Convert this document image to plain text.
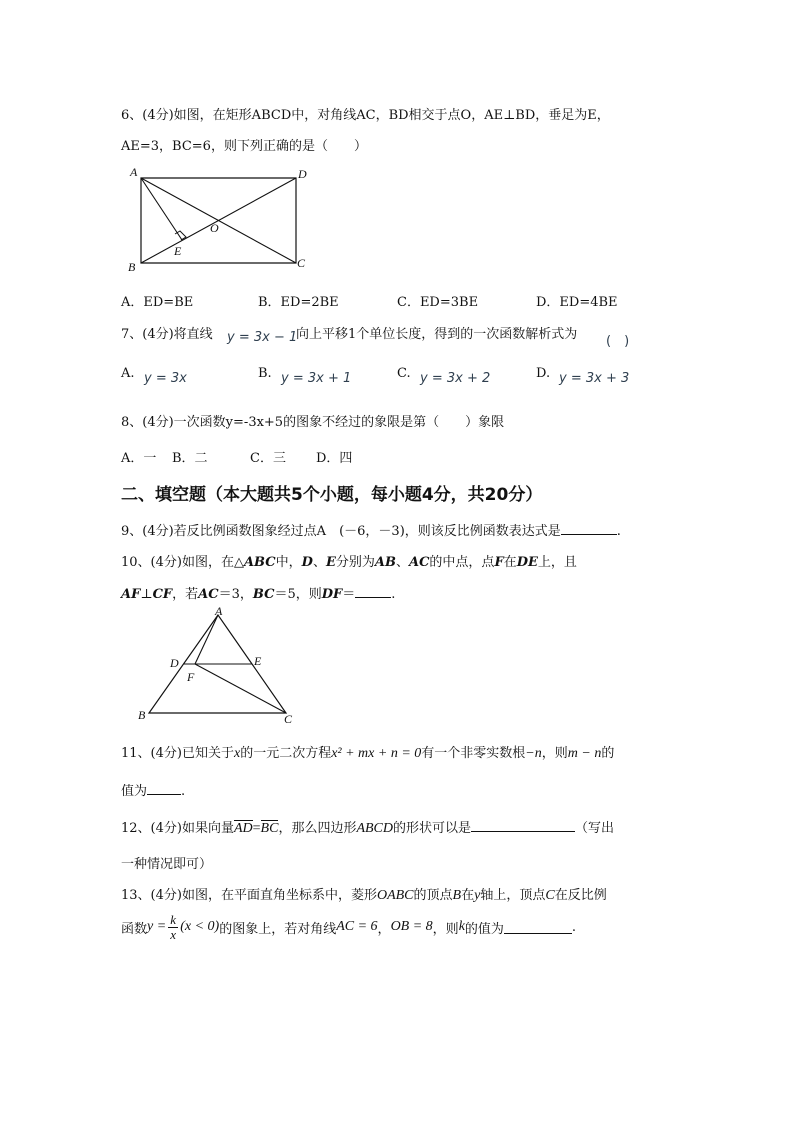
6、(4分)如图，在矩形ABCD中，对角线AC，BD相交于点O，AE⊥BD，垂足为E，
AE=3，BC=6，则下列正确的是（　　）
A	D
O
E
B	C
A．ED=BE	B．ED=2BE	C．ED=3BE	D．ED=4BE
7、(4分)将直线 y = 3x − 1
向上平移1个单位长度，得到的一次函数解析式为 (　)
A. y = 3x	B. y = 3x + 1	C. y = 3x + 2	D. y = 3x + 3
8、(4分)一次函数y=-3x+5的图象不经过的象限是第（　　）象限
A．一 B．二	C．三 D．四
二、填空题（本大题共5个小题，每小题4分，共20分）
9、(4分)若反比例函数图象经过点A　(－6，－3)，则该反比例函数表达式是	.
10、(4分)如图，在△ABC中，D、E分别为AB、AC的中点，点F在DE上，且
AF⊥CF，若AC＝3，BC＝5，则DF＝	.
A
D	E
F
B	C
11、(4分)已知关于x的一元二次方程x² + mx + n = 0有一个非零实数根−n，则m − n的
值为	.
12、(4分)如果向量AD=BC，那么四边形ABCD的形状可以是	（写出
一种情况即可）
13、(4分)如图，在平面直角坐标系中，菱形OABC的顶点B在y轴上，顶点C在反比例
函数 y = k
x (x < 0) 的图象上，若对角线 AC = 6 ， OB = 8 ，则 k 的值为	.
